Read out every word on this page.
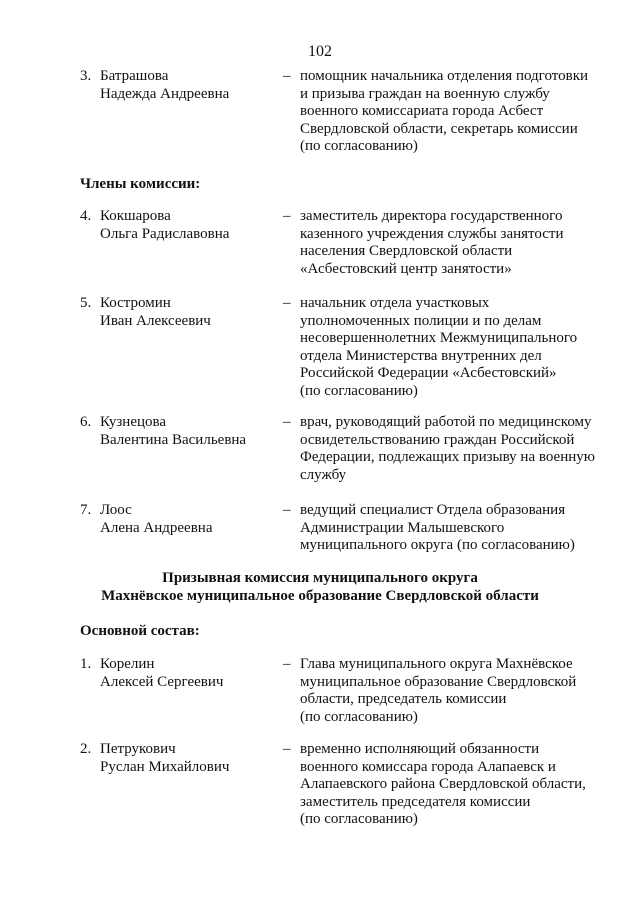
102
3. Батрашова
Надежда Андреевна
– помощник начальника отделения подготовки
и призыва граждан на военную службу
военного комиссариата города Асбест
Свердловской области, секретарь комиссии
(по согласованию)
Члены комиссии:
4. Кокшарова
Ольга Радиславовна
– заместитель директора государственного
казенного учреждения службы занятости
населения Свердловской области
«Асбестовский центр занятости»
5. Костромин
Иван Алексеевич
– начальник отдела участковых
уполномоченных полиции и по делам
несовершеннолетних Межмуниципального
отдела Министерства внутренних дел
Российской Федерации «Асбестовский»
(по согласованию)
6. Кузнецова
Валентина Васильевна
– врач, руководящий работой по медицинскому
освидетельствованию граждан Российской
Федерации, подлежащих призыву на военную
службу
7. Лоос
Алена Андреевна
– ведущий специалист Отдела образования
Администрации Малышевского
муниципального округа (по согласованию)
Призывная комиссия муниципального округа
Махнёвское муниципальное образование Свердловской области
Основной состав:
1. Корелин
Алексей Сергеевич
– Глава муниципального округа Махнёвское
муниципальное образование Свердловской
области, председатель комиссии
(по согласованию)
2. Петрукович
Руслан Михайлович
– временно исполняющий обязанности
военного комиссара города Алапаевск и
Алапаевского района Свердловской области,
заместитель председателя комиссии
(по согласованию)
